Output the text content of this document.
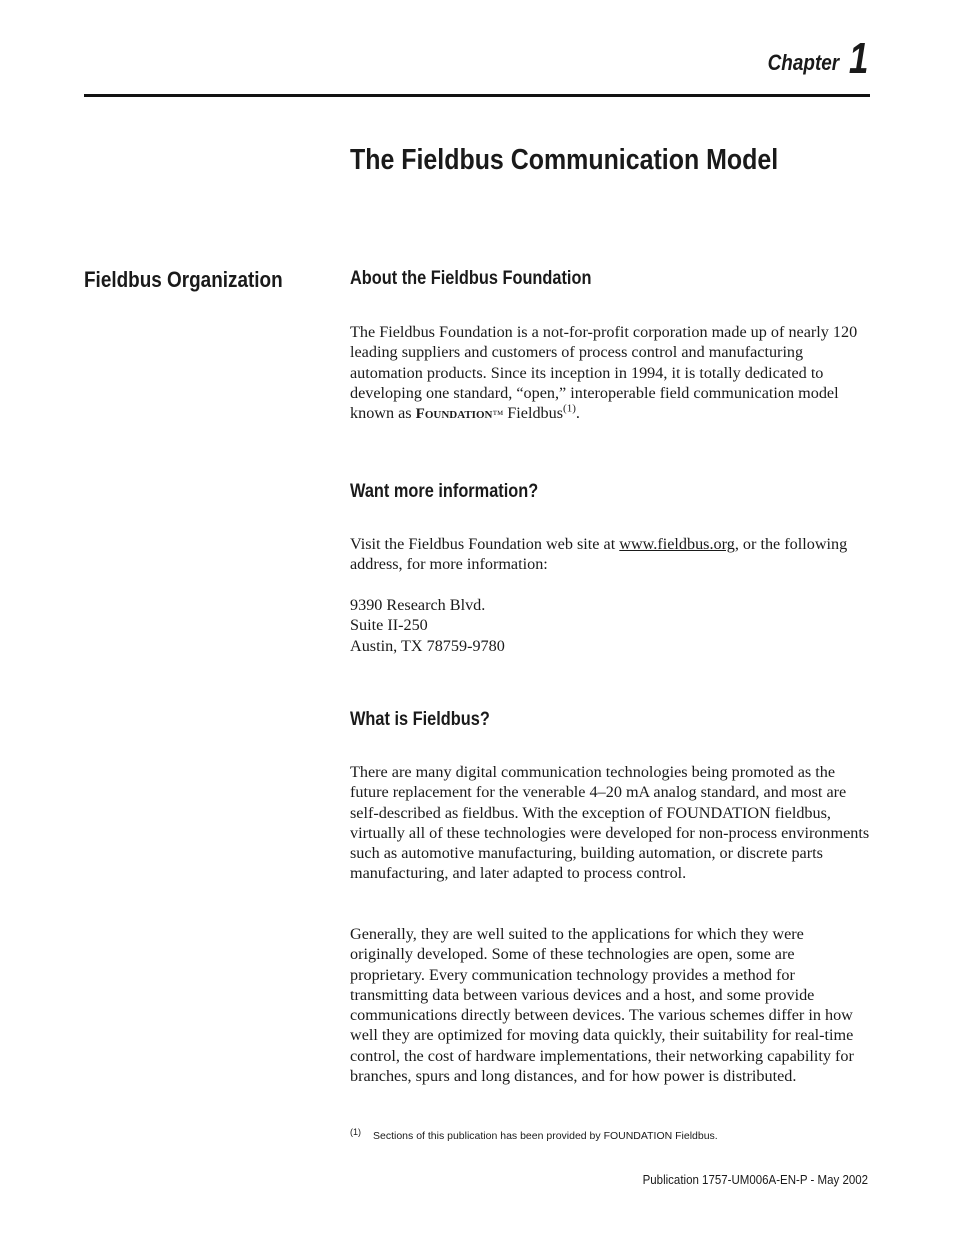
Chapter 1
The Fieldbus Communication Model
Fieldbus Organization	About the Fieldbus Foundation

The Fieldbus Foundation is a not-for-profit corporation made up of nearly 120 leading suppliers and customers of process control and manufacturing automation products. Since its inception in 1994, it is totally dedicated to developing one standard, “open,” interoperable field communication model known as Foundation™ Fieldbus$^{(1)}$.

Want more information?

Visit the Fieldbus Foundation web site at www.fieldbus.org, or the following address, for more information:

9390 Research Blvd.
Suite II-250
Austin, TX 78759-9780
What is Fieldbus?

There are many digital communication technologies being promoted as the future replacement for the venerable 4–20 mA analog standard, and most are self-described as fieldbus. With the exception of FOUNDATION fieldbus, virtually all of these technologies were developed for non-process environments such as automotive manufacturing, building automation, or discrete parts manufacturing, and later adapted to process control.

Generally, they are well suited to the applications for which they were originally developed. Some of these technologies are open, some are proprietary. Every communication technology provides a method for transmitting data between various devices and a host, and some provide communications directly between devices. The various schemes differ in how well they are optimized for moving data quickly, their suitability for real-time control, the cost of hardware implementations, their networking capability for branches, spurs and long distances, and for how power is distributed.

(1) Sections of this publication has been provided by FOUNDATION Fieldbus.
Publication 1757-UM006A-EN-P - May 2002
